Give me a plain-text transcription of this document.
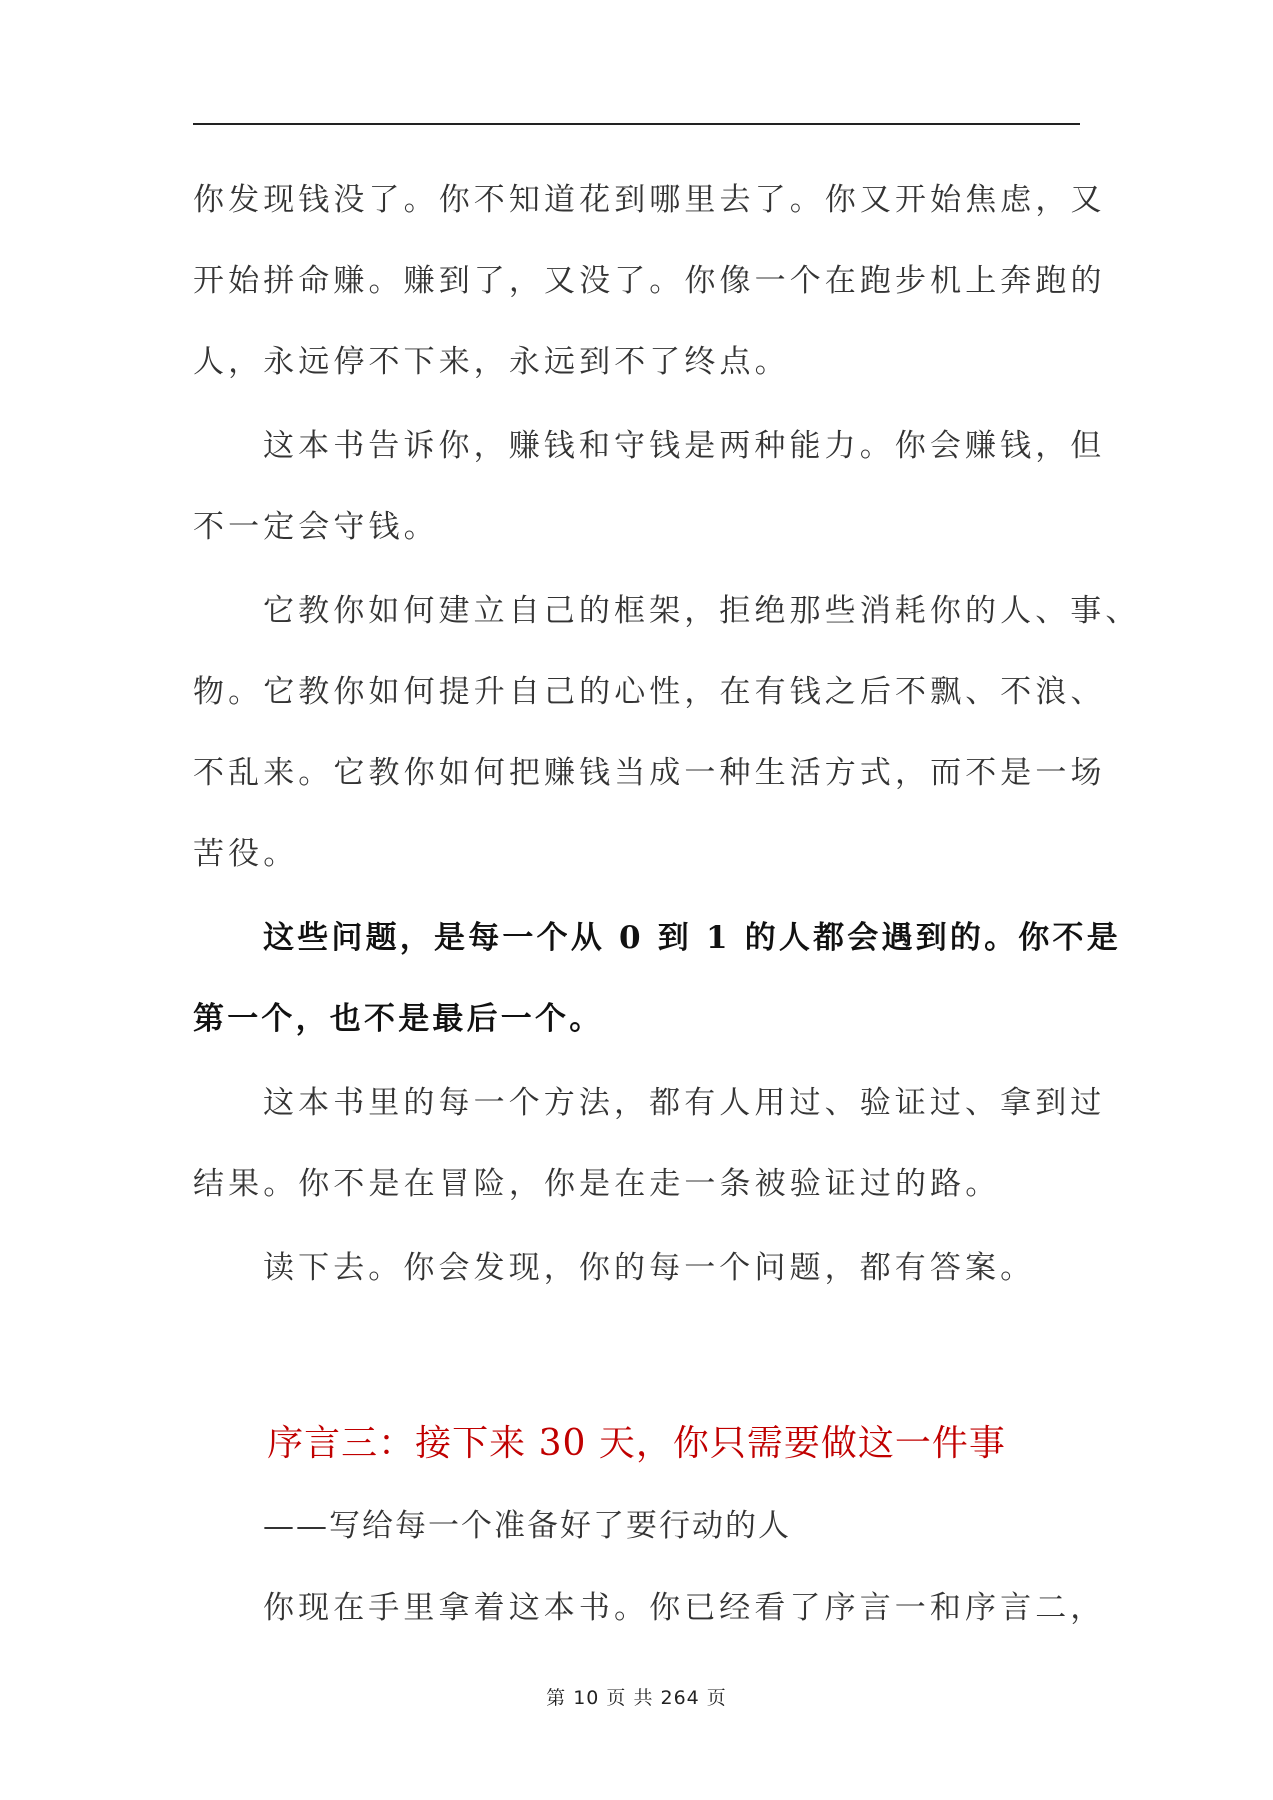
你发现钱没了。你不知道花到哪里去了。你又开始焦虑，又
开始拼命赚。赚到了，又没了。你像一个在跑步机上奔跑的
人，永远停不下来，永远到不了终点。
这本书告诉你，赚钱和守钱是两种能力。你会赚钱，但
不一定会守钱。
它教你如何建立自己的框架，拒绝那些消耗你的人、事、
物。它教你如何提升自己的心性，在有钱之后不飘、不浪、
不乱来。它教你如何把赚钱当成一种生活方式，而不是一场
苦役。
这些问题，是每一个从 0 到 1 的人都会遇到的。你不是
第一个，也不是最后一个。
这本书里的每一个方法，都有人用过、验证过、拿到过
结果。你不是在冒险，你是在走一条被验证过的路。
读下去。你会发现，你的每一个问题，都有答案。
序言三：接下来 30 天，你只需要做这一件事
——写给每一个准备好了要行动的人
你现在手里拿着这本书。你已经看了序言一和序言二，
第 10 页 共 264 页
